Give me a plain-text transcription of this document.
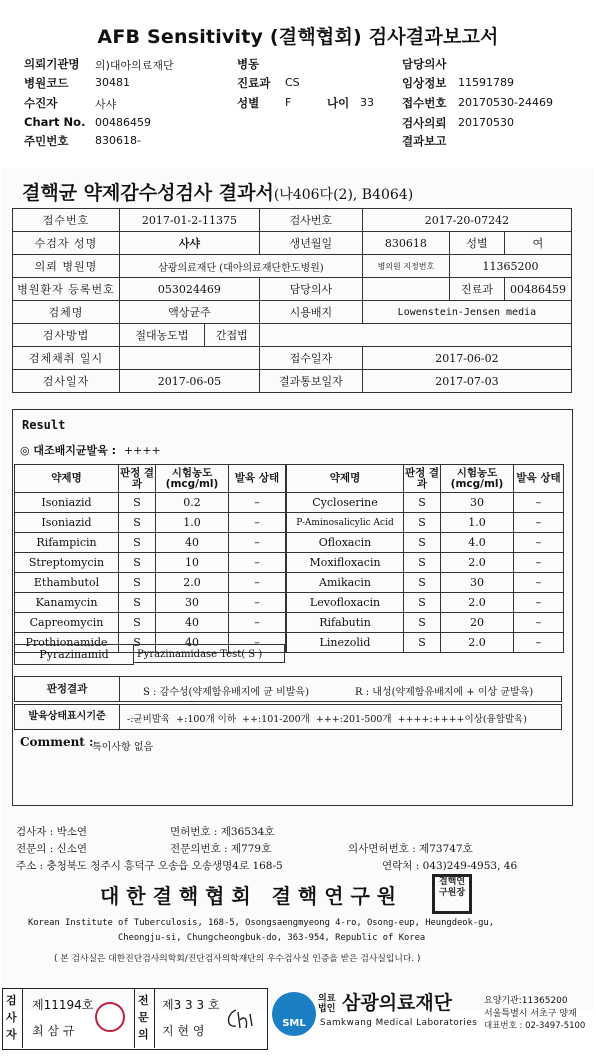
AFB Sensitivity (결핵협회) 검사결과보고서
의뢰기관명 의)대아의료재단	병동	담당의사
병원코드 30481	진료과 CS	임상정보 11591789
수진자	사샤	성별 F	나이 33 접수번호 20170530-24469
Chart No. 00486459	검사의뢰 20170530
주민번호 830618-	결과보고
결핵균 약제감수성검사 결과서(나406다(2), B4064)
접수번호	2017-01-2-11375		검사번호	2017-20-07242		
수검자 성명	사샤		생년월일	830618	성별	여
의뢰 병원명	삼광의료재단 (대아의료재단한도병원)			병의원 지정번호	11365200	
병원환자 등록번호	053024469		담당의사		진료과	00486459
검체명	액상균주		시용배지	Lowenstein-Jensen media		
검사방법	절대농도법	간접법				
검체채취 일시			접수일자	2017-06-02		
검사일자	2017-06-05		결과통보일자	2017-07-03		
Result
◎ 대조배지균발육 : ++++
약제명	판정 결과	시험농도 (mcg/ml)	발육 상태
Isoniazid	S	0.2	–
Isoniazid	S	1.0	–
Rifampicin	S	40	–
Streptomycin	S	10	–
Ethambutol	S	2.0	–
Kanamycin	S	30	–
Capreomycin	S	40	–
Prothionamide	S	40	–
약제명	판정 결과	시험농도 (mcg/ml)	발육 상태
Cycloserine	S	30	–
P-Aminosalicylic Acid	S	1.0	–
Ofloxacin	S	4.0	–
Moxifloxacin	S	2.0	–
Amikacin	S	30	–
Levofloxacin	S	2.0	–
Rifabutin	S	20	–
Linezolid	S	2.0	–
Pyrazinamid	Pyrazinamidase Test( S )
판정결과	S : 감수성(약제함유배지에 균 비발육)	R : 내성(약제함유배지에 + 이상 균발육)
발육상태표시기준	-:균비발육  +:100개 이하  ++:101-200개  +++:201-500개  ++++:++++이상(융합발육)
Comment :
특이사항 없음
검사자 : 박소연	면허번호 : 제36534호
전문의 : 신소연	전문의번호 : 제779호	의사면허번호 : 제73747호
주소 : 충청북도 청주시 흥덕구 오송읍 오송생명4로 168-5	연락처 : 043)249-4953, 46
대 한 결 핵 협 회   결 핵 연 구 원
결핵연구원장
Korean Institute of Tuberculosis, 168-5, Osongsaengmyeong 4-ro, Osong-eup, Heungdeok-gu,
Cheongju-si, Chungcheongbuk-do, 363-954, Republic of Korea
( 본 검사실은 대한진단검사의학회/진단검사의학재단의 우수검사실 인증을 받은 검사실입니다. )
검사자
제11194호
최 삼 규
전문의
제3 3 3 호
지 현 영
SML
의료법인 삼광의료재단
Samkwang Medical Laboratories
요양기관:11365200
서울특별시 서초구 양재
대표번호 : 02-3497-5100
